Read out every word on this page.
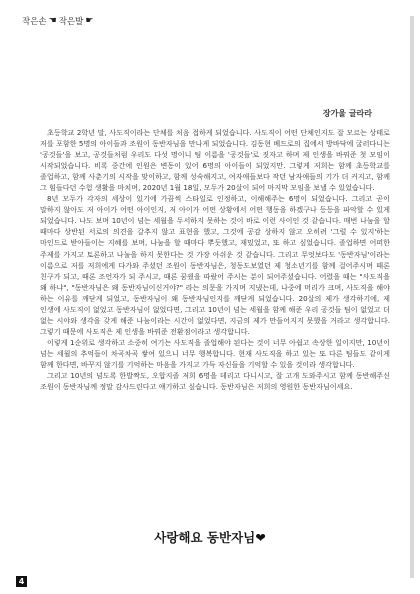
작은손 ☚ 작은발 ☛
장가울 글라라

초등학교 2학년 말, 사도직이라는 단체를 처음 접하게 되었습니다. 사도직이 어떤 단체인지도 잘 모르는 상태로 저를 포함한 5명의 아이들과 조원이 동반자님을 만나게 되었습니다. 김동현 베드로의 집에서 방바닥에 굴러다니는 '공것들'을 보고, 공것들처럼 우리도 다섯 명이니 팀 이름을 '공것들'로 짓자고 하며 제 인생을 바꿔준 첫 모임이 시작되었습니다. 비록 중간에 인원은 변동이 있어 6명의 아이들이 되었지만. 그렇게 저희는 함께 초등학교를 졸업하고, 함께 사춘기의 시작을 맞이하고, 함께 성숙해지고, 여자애들보다 작던 남자애들의 기가 더 커지고, 함께 그 힘들다던 수험 생활을 마치며, 2020년 1월 18일, 모두가 20살이 되어 마지막 모임을 보낼 수 있었습니다.

8년 모두가 각자의 세상이 있기에 가끔씩 스타일로 인정하고, 이해해주는 6명이 되었습니다. 그리고 곧이 말하지 않아도 저 아이가 어떤 아이인지, 저 아이가 어떤 상황에서 어떤 행동을 하겠구나 등등을 파악할 수 있게 되었습니다. 나도 보며 10년이 넘는 세월을 두서하지 못하는 것이 바로 이런 사이인 것 같습니다. 매번 나눔을 할 때마다 상반된 서로의 의견을 갈추지 않고 표현을 했고, 그것에 공감 상하지 않고 오히려 '그럴 수 있지'하는 마인드로 받아들이는 지혜를 보며, 나눔을 할 때마다 뿌듯했고, 재밌었고, 또 하고 싶었습니다. 졸업하면 어떠한 주제를 가지고 토론하고 나눌을 하지 못한다는 것 가장 아쉬운 것 같습니다. 그리고 무엇보다도 '동반자님'이라는 이름으로 저를 저희에게 다가와 주셨던 조원이 동반자님은, 청동도보였던 제 청소년기를 함께 걸어주시며 때론 친구가 되고, 때론 조언자가 되 주시고, 때론 꿈꿨을 따랐어 주시는 분이 되어주셨습니다. 어렸을 때는 "사도직을 왜 하냐", "동반자님은 왜 동반자님이신거야?" 라는 의문을 가지며 지냈는데, 나중에 머리가 크며, 사도직을 해야 하는 이유를 깨닫게 되었고, 동반자님이 왜 동반자님인지를 깨닫게 되었습니다. 20살의 제가 생각하기에, 제 인생에 사도직이 없었고 동반자님이 없었다면, 그리고 10년이 넘는 세월을 함께 해준 우리 공것들 팀이 없었고 더 없는 시야와 생각을 갖게 해준 나눔이라는 시간이 없었다면, 지금의 제가 만들어지지 못했을 거라고 생각합니다. 그렇기 때문에 사도직은 제 인생을 바꿔준 전환점이라고 생각합니다.

이렇게 1순위로 생각하고 소중히 여기는 사도직을 졸업해야 된다는 것이 너무 아쉽고 속상한 일이지만, 10년이 넘는 세월의 추억들이 차곡차곡 쌓여 있으니 너무 행복합니다. 현재 사도직을 하고 있는 또 다른 팀들도 같이게 함께 한다면, 바꾸지 않기를 기억하는 마음을 가지고 가득 자신들을 기억할 수 있을 것이라 생각합니다.

그리고 10년의 넘도록 한발짝도, 오합지졸 저희 6명을 데리고 다니시고, 잘 고개 도와주시고 함께 동반해주신 조원이 동반자님께 정말 감사드린다고 얘기하고 싶습니다. 동반자님은 저희의 영원한 동반자님이세요.

사랑해요 동반자님❤
4
